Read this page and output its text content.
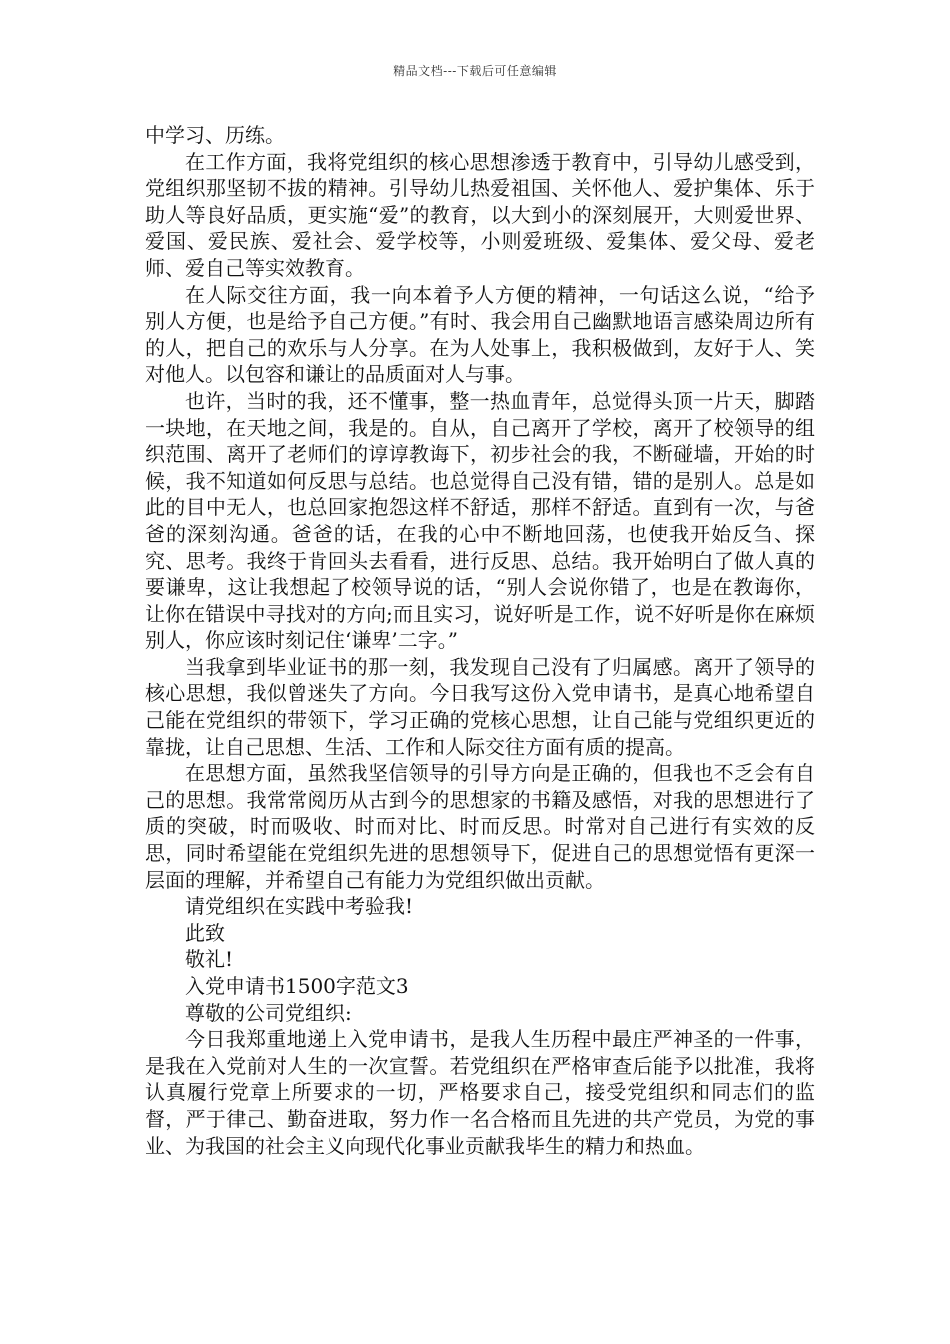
精品文档---下载后可任意编辑

中学习、历练。

在工作方面，我将党组织的核心思想渗透于教育中，引导幼儿感受到，党组织那坚韧不拔的精神。引导幼儿热爱祖国、关怀他人、爱护集体、乐于助人等良好品质，更实施“爱”的教育，以大到小的深刻展开，大则爱世界、爱国、爱民族、爱社会、爱学校等，小则爱班级、爱集体、爱父母、爱老师、爱自己等实效教育。

在人际交往方面，我一向本着予人方便的精神，一句话这么说，“给予别人方便，也是给予自己方便。”有时、我会用自己幽默地语言感染周边所有的人，把自己的欢乐与人分享。在为人处事上，我积极做到，友好于人、笑对他人。以包容和谦让的品质面对人与事。

也许，当时的我，还不懂事，整一热血青年，总觉得头顶一片天，脚踏一块地，在天地之间，我是的。自从，自己离开了学校，离开了校领导的组织范围、离开了老师们的谆谆教诲下，初步社会的我，不断碰墙，开始的时候，我不知道如何反思与总结。也总觉得自己没有错，错的是别人。总是如此的目中无人，也总回家抱怨这样不舒适，那样不舒适。直到有一次，与爸爸的深刻沟通。爸爸的话，在我的心中不断地回荡，也使我开始反刍、探究、思考。我终于肯回头去看看，进行反思、总结。我开始明白了做人真的要谦卑，这让我想起了校领导说的话，“别人会说你错了，也是在教诲你，让你在错误中寻找对的方向;而且实习，说好听是工作，说不好听是你在麻烦别人，你应该时刻记住‘谦卑’二字。”

当我拿到毕业证书的那一刻，我发现自己没有了归属感。离开了领导的核心思想，我似曾迷失了方向。今日我写这份入党申请书，是真心地希望自己能在党组织的带领下，学习正确的党核心思想，让自己能与党组织更近的靠拢，让自己思想、生活、工作和人际交往方面有质的提高。

在思想方面，虽然我坚信领导的引导方向是正确的，但我也不乏会有自己的思想。我常常阅历从古到今的思想家的书籍及感悟，对我的思想进行了质的突破，时而吸收、时而对比、时而反思。时常对自己进行有实效的反思，同时希望能在党组织先进的思想领导下，促进自己的思想觉悟有更深一层面的理解，并希望自己有能力为党组织做出贡献。

请党组织在实践中考验我!

此致

敬礼!

入党申请书1500字范文3

尊敬的公司党组织:

今日我郑重地递上入党申请书，是我人生历程中最庄严神圣的一件事，是我在入党前对人生的一次宣誓。若党组织在严格审查后能予以批准，我将认真履行党章上所要求的一切，严格要求自己，接受党组织和同志们的监督，严于律己、勤奋进取，努力作一名合格而且先进的共产党员，为党的事业、为我国的社会主义向现代化事业贡献我毕生的精力和热血。
